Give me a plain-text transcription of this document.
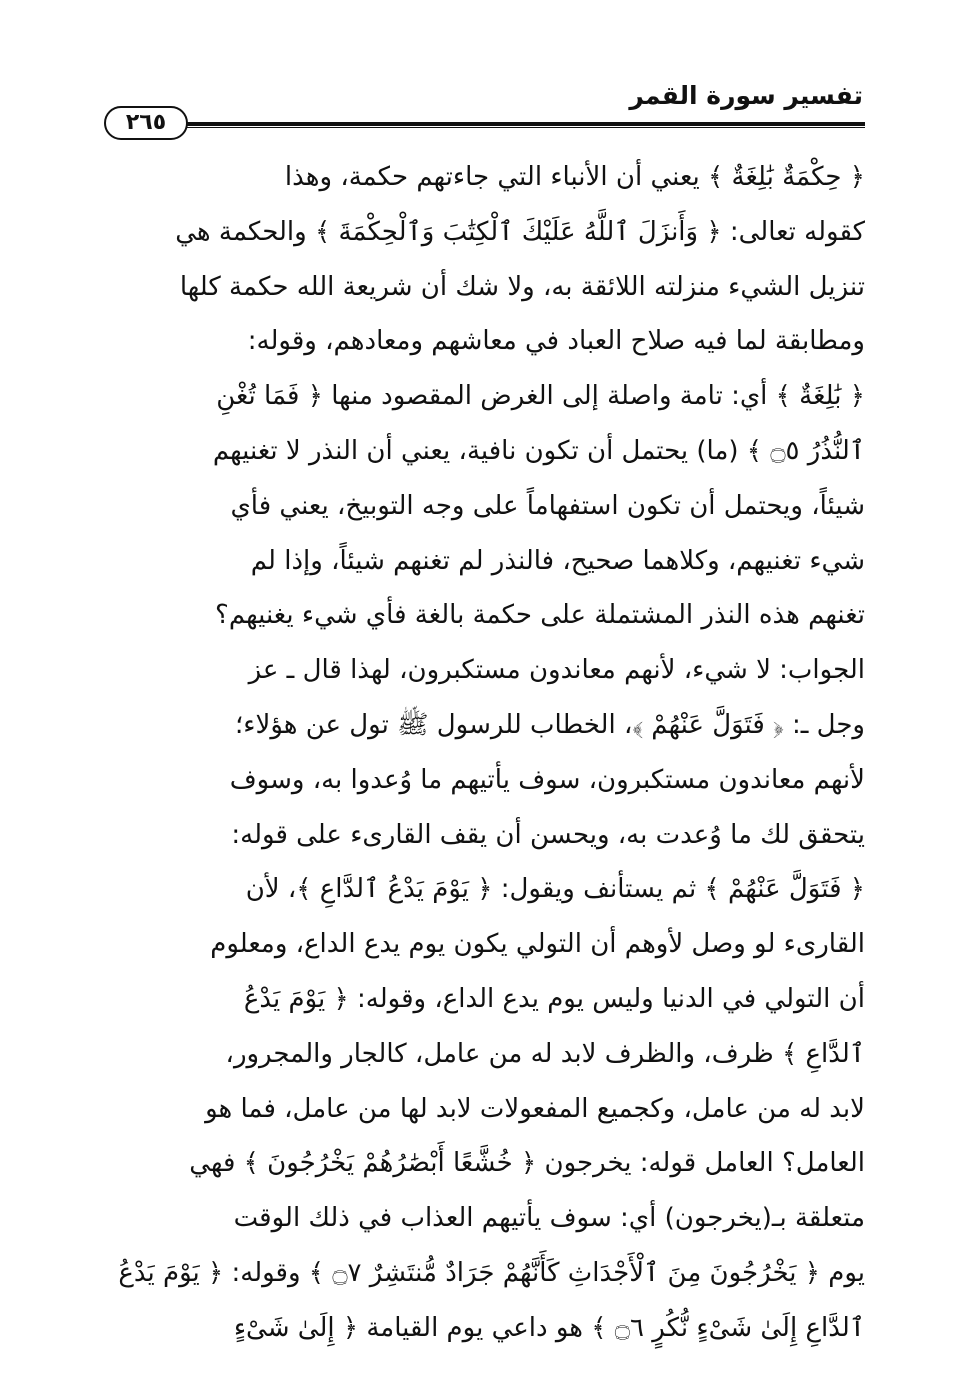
تفسير سورة القمر
٢٦٥
﴿ حِكْمَةٌ بَٰلِغَةٌ ﴾ يعني أن الأنباء التي جاءتهم حكمة، وهذا
كقوله تعالى: ﴿ وَأَنزَلَ ٱللَّهُ عَلَيْكَ ٱلْكِتَٰبَ وَٱلْحِكْمَةَ ﴾ والحكمة هي
تنزيل الشيء منزلته اللائقة به، ولا شك أن شريعة الله حكمة كلها
ومطابقة لما فيه صلاح العباد في معاشهم ومعادهم، وقوله:
﴿ بَٰلِغَةٌ ﴾ أي: تامة واصلة إلى الغرض المقصود منها ﴿ فَمَا تُغْنِ
ٱلنُّذُرُ ۝٥ ﴾ (ما) يحتمل أن تكون نافية، يعني أن النذر لا تغنيهم
شيئاً، ويحتمل أن تكون استفهاماً على وجه التوبيخ، يعني فأي
شيء تغنيهم، وكلاهما صحيح، فالنذر لم تغنهم شيئاً، وإذا لم
تغنهم هذه النذر المشتملة على حكمة بالغة فأي شيء يغنيهم؟
الجواب: لا شيء، لأنهم معاندون مستكبرون، لهذا قال ـ عز
وجل ـ: ﴿ فَتَوَلَّ عَنْهُمْ ﴾، الخطاب للرسول ﷺ تول عن هؤلاء؛
لأنهم معاندون مستكبرون، سوف يأتيهم ما وُعدوا به، وسوف
يتحقق لك ما وُعدت به، ويحسن أن يقف القارىء على قوله:
﴿ فَتَوَلَّ عَنْهُمْ ﴾ ثم يستأنف ويقول: ﴿ يَوْمَ يَدْعُ ٱلدَّاعِ ﴾، لأن
القارىء لو وصل لأوهم أن التولي يكون يوم يدع الداع، ومعلوم
أن التولي في الدنيا وليس يوم يدع الداع، وقوله: ﴿ يَوْمَ يَدْعُ
ٱلدَّاعِ ﴾ ظرف، والظرف لابد له من عامل، كالجار والمجرور،
لابد له من عامل، وكجميع المفعولات لابد لها من عامل، فما هو
العامل؟ العامل قوله: يخرجون ﴿ خُشَّعًا أَبْصَٰرُهُمْ يَخْرُجُونَ ﴾ فهي
متعلقة بـ(يخرجون) أي: سوف يأتيهم العذاب في ذلك الوقت
يوم ﴿ يَخْرُجُونَ مِنَ ٱلْأَجْدَاثِ كَأَنَّهُمْ جَرَادٌ مُّنتَشِرٌ ۝٧ ﴾ وقوله: ﴿ يَوْمَ يَدْعُ
ٱلدَّاعِ إِلَىٰ شَىْءٍ نُّكُرٍ ۝٦ ﴾ هو داعي يوم القيامة ﴿ إِلَىٰ شَىْءٍ
